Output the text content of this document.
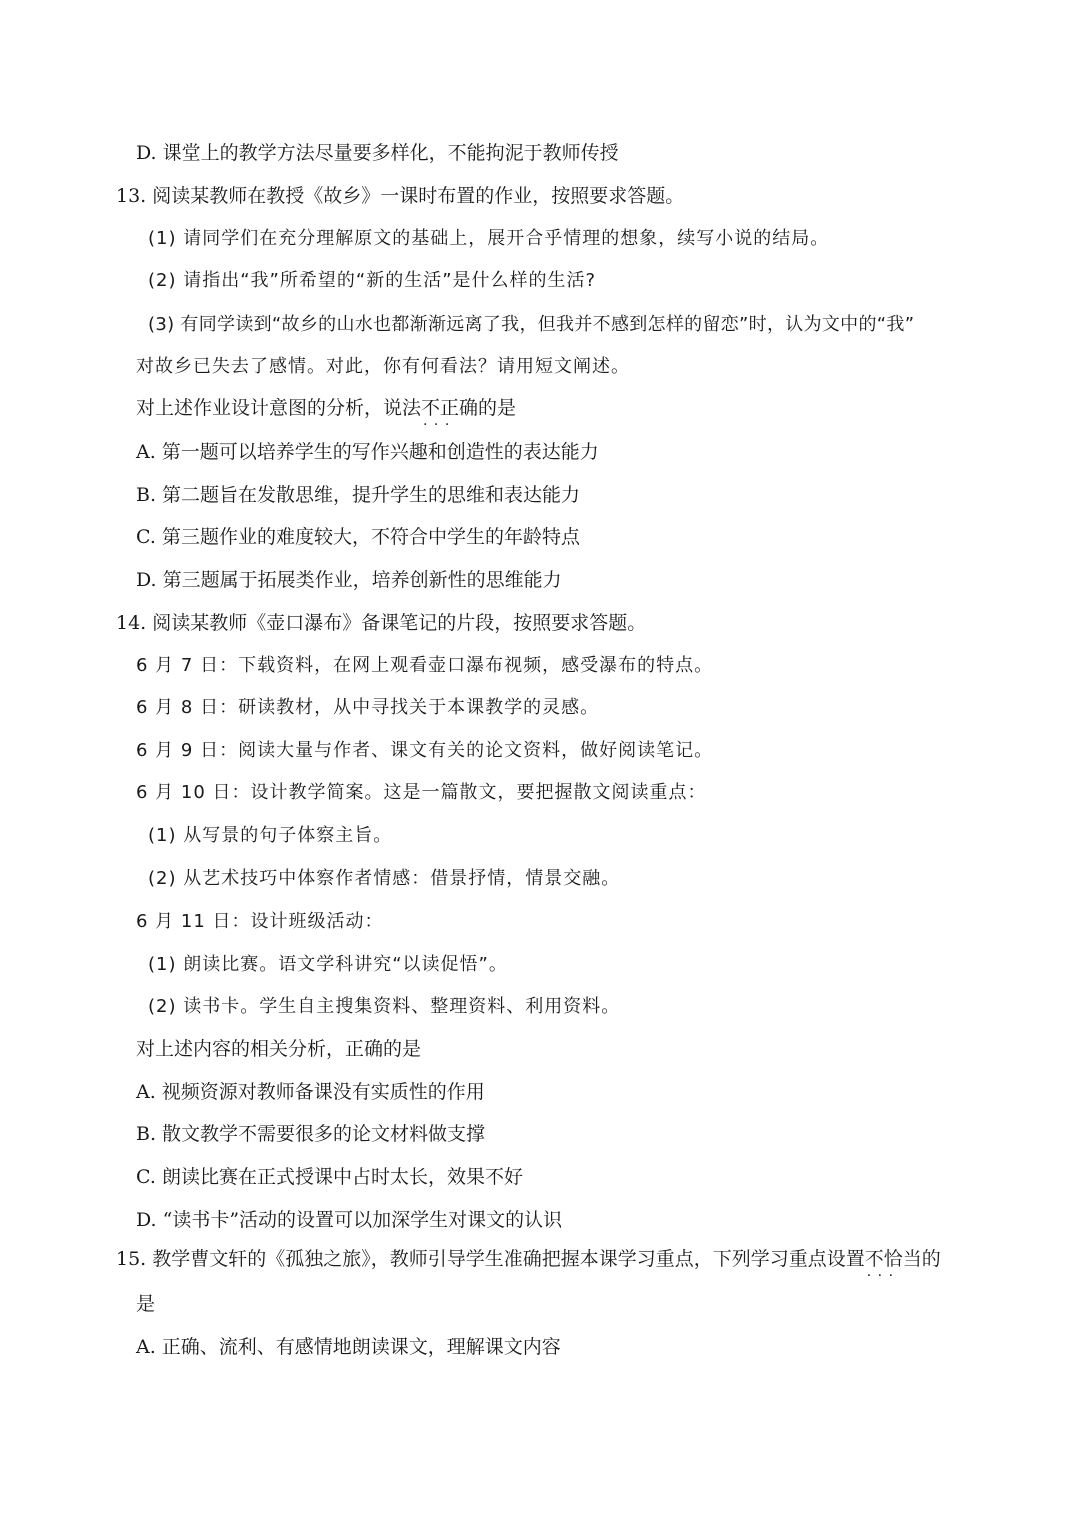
D. 课堂上的教学方法尽量要多样化，不能拘泥于教师传授
13. 阅读某教师在教授《故乡》一课时布置的作业，按照要求答题。
(1) 请同学们在充分理解原文的基础上，展开合乎情理的想象，续写小说的结局。
(2) 请指出“我”所希望的“新的生活”是什么样的生活?
(3) 有同学读到“故乡的山水也都渐渐远离了我，但我并不感到怎样的留恋”时，认为文中的“我”
对故乡已失去了感情。对此，你有何看法？请用短文阐述。
对上述作业设计意图的分析，说法不正确 · · ·的是
A. 第一题可以培养学生的写作兴趣和创造性的表达能力
B. 第二题旨在发散思维，提升学生的思维和表达能力
C. 第三题作业的难度较大，不符合中学生的年龄特点
D. 第三题属于拓展类作业，培养创新性的思维能力
14. 阅读某教师《壶口瀑布》备课笔记的片段，按照要求答题。
6 月 7 日：下载资料，在网上观看壶口瀑布视频，感受瀑布的特点。
6 月 8 日：研读教材，从中寻找关于本课教学的灵感。
6 月 9 日：阅读大量与作者、课文有关的论文资料，做好阅读笔记。
6 月 10 日：设计教学简案。这是一篇散文，要把握散文阅读重点：
(1) 从写景的句子体察主旨。
(2) 从艺术技巧中体察作者情感：借景抒情，情景交融。
6 月 11 日：设计班级活动：
(1) 朗读比赛。语文学科讲究“以读促悟”。
(2) 读书卡。学生自主搜集资料、整理资料、利用资料。
对上述内容的相关分析，正确的是
A. 视频资源对教师备课没有实质性的作用
B. 散文教学不需要很多的论文材料做支撑
C. 朗读比赛在正式授课中占时太长，效果不好
D. “读书卡”活动的设置可以加深学生对课文的认识
15. 教学曹文轩的《孤独之旅》，教师引导学生准确把握本课学习重点，下列学习重点设置不恰当 · · ·的
是
A. 正确、流利、有感情地朗读课文，理解课文内容
